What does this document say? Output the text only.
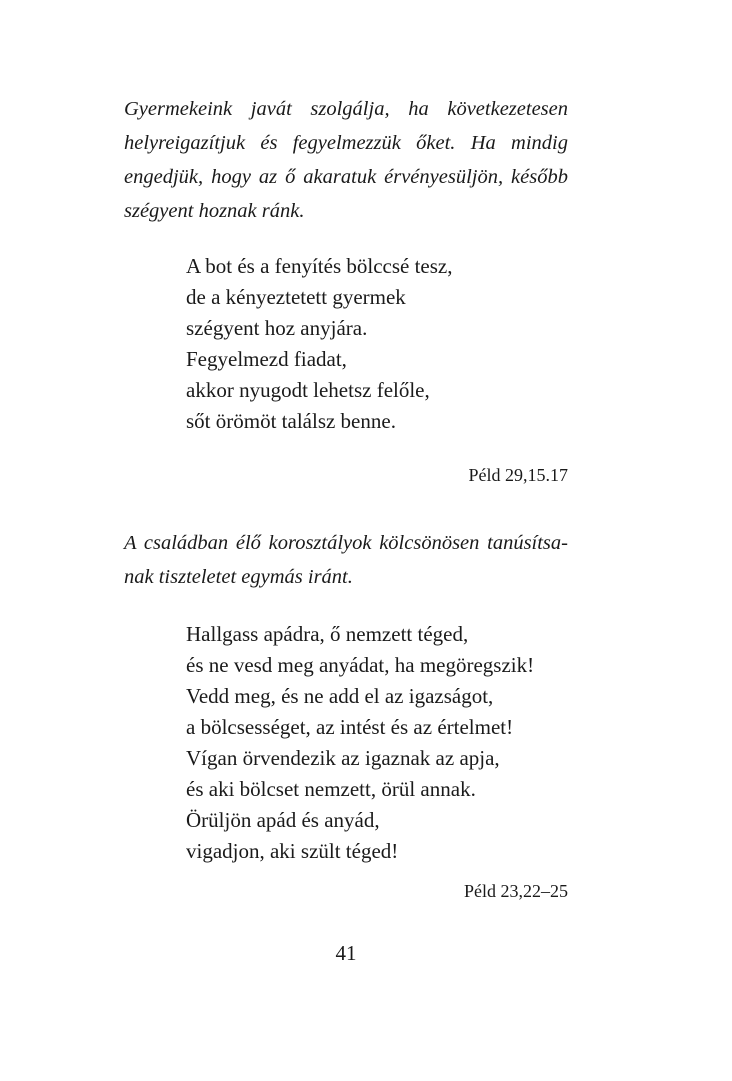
Gyermekeink javát szolgálja, ha következetesen
helyreigazítjuk és fegyelmezzük őket. Ha mindig
engedjük, hogy az ő akaratuk érvényesüljön, később
szégyent hoznak ránk.

A bot és a fenyítés bölccsé tesz,
de a kényeztetett gyermek
szégyent hoz anyjára.
Fegyelmezd fiadat,
akkor nyugodt lehetsz felőle,
sőt örömöt találsz benne.

Péld 29,15.17

A családban élő korosztályok kölcsönösen tanúsítsa-
nak tiszteletet egymás iránt.

Hallgass apádra, ő nemzett téged,
és ne vesd meg anyádat, ha megöregszik!
Vedd meg, és ne add el az igazságot,
a bölcsességet, az intést és az értelmet!
Vígan örvendezik az igaznak az apja,
és aki bölcset nemzett, örül annak.
Örüljön apád és anyád,
vigadjon, aki szült téged!

Péld 23,22–25

41
